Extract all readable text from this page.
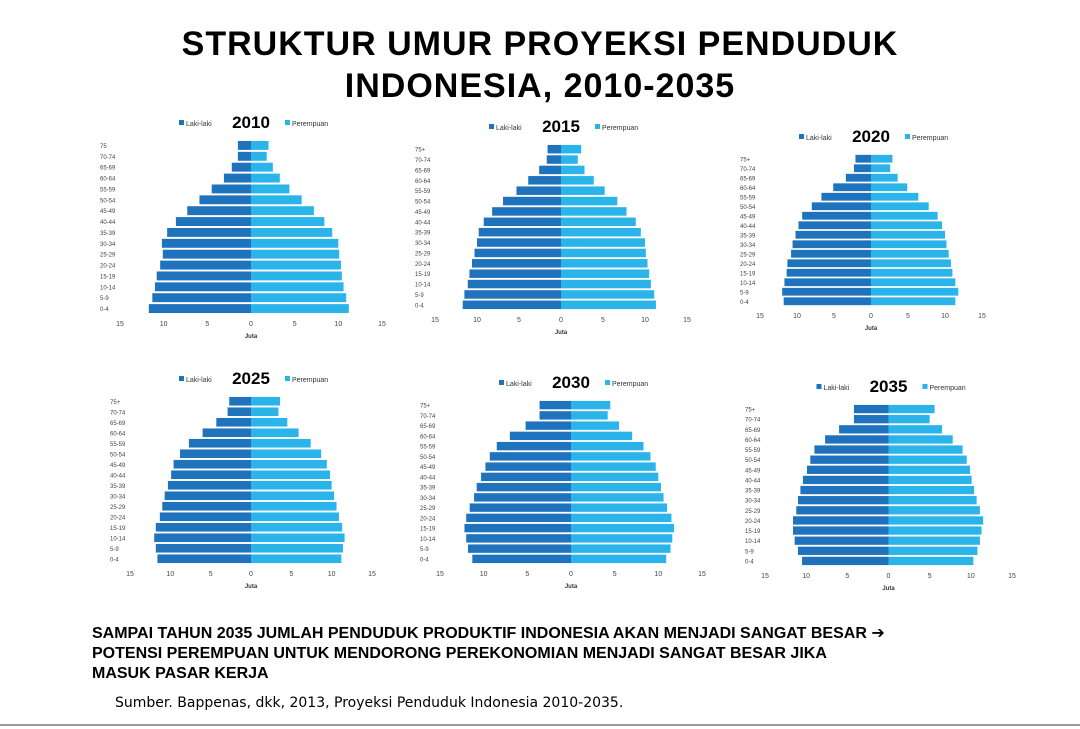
STRUKTUR UMUR PROYEKSI PENDUDUK
INDONESIA, 2010-2035
Laki-laki	Perempuan
2010
0-4
5-9
10-14
15-19
20-24
25-29
30-34
35-39
40-44
45-49
50-54
55-59
60-64
65-69
70-74
75
15	10	5	0	5	10	15
Juta
Laki-laki	Perempuan
2015
0-4
5-9
10-14
15-19
20-24
25-29
30-34
35-39
40-44
45-49
50-54
55-59
60-64
65-69
70-74
75+
15	10	5	0	5	10	15
Juta
Laki-laki	Perempuan
2020
0-4
5-9
10-14
15-19
20-24
25-29
30-34
35-39
40-44
45-49
50-54
55-59
60-64
65-69
70-74
75+
15	10	5	0	5	10	15
Juta
Laki-laki	Perempuan
2025
0-4
5-9
10-14
15-19
20-24
25-29
30-34
35-39
40-44
45-49
50-54
55-59
60-64
65-69
70-74
75+
15	10	5	0	5	10	15
Juta
Laki-laki	Perempuan
2030
0-4
5-9
10-14
15-19
20-24
25-29
30-34
35-39
40-44
45-49
50-54
55-59
60-64
65-69
70-74
75+
15	10	5	0	5	10	15
Juta
Laki-laki	Perempuan
2035
0-4
5-9
10-14
15-19
20-24
25-29
30-34
35-39
40-44
45-49
50-54
55-59
60-64
65-69
70-74
75+
15	10	5	0	5	10	15
Juta
SAMPAI TAHUN 2035 JUMLAH PENDUDUK PRODUKTIF INDONESIA AKAN MENJADI SANGAT BESAR ➔
POTENSI PEREMPUAN UNTUK MENDORONG PEREKONOMIAN MENJADI SANGAT BESAR JIKA
MASUK PASAR KERJA
Sumber. Bappenas, dkk, 2013, Proyeksi Penduduk Indonesia 2010-2035.
